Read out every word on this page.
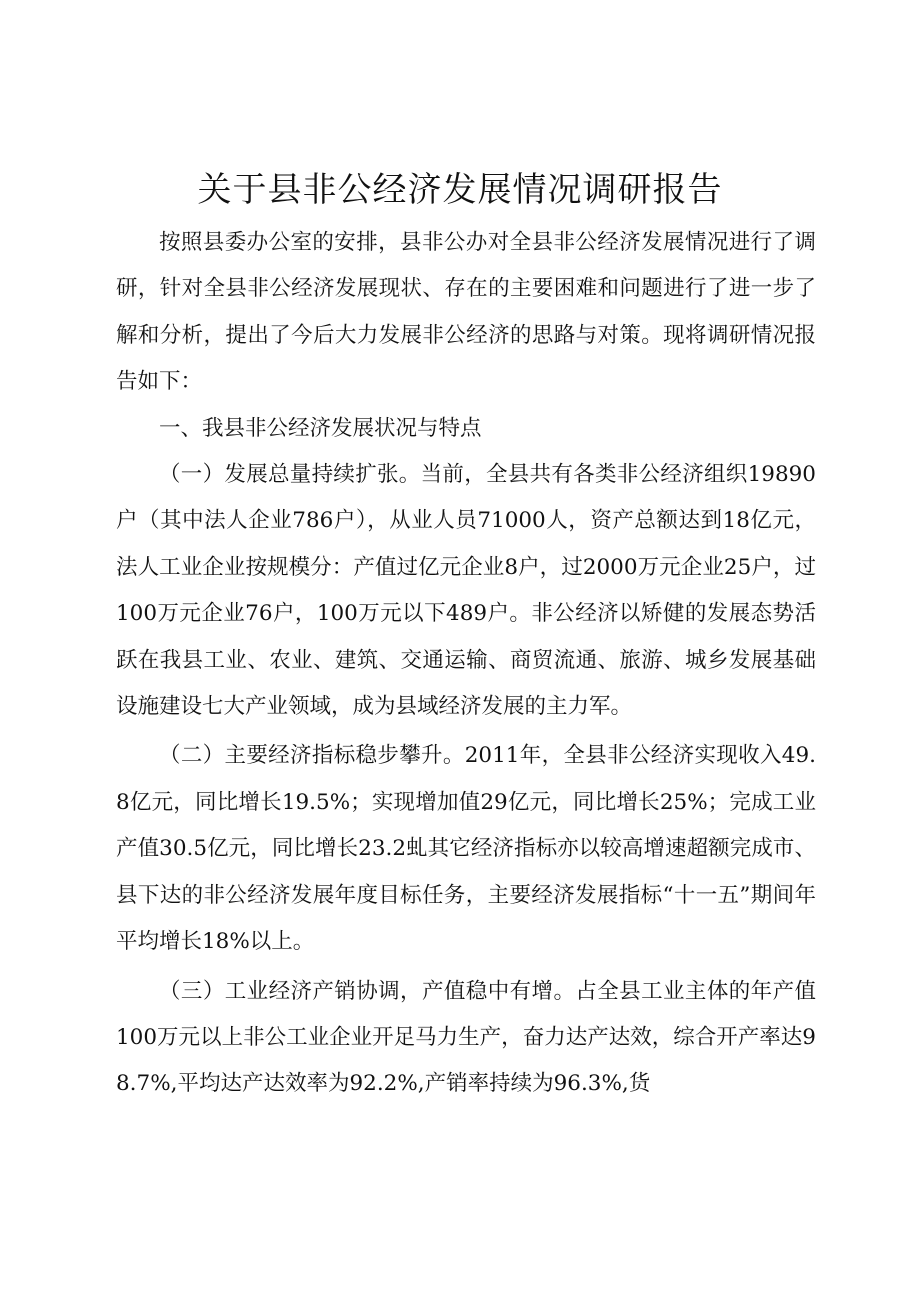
关于县非公经济发展情况调研报告

按照县委办公室的安排，县非公办对全县非公经济发展情况进行了调研，针对全县非公经济发展现状、存在的主要困难和问题进行了进一步了解和分析，提出了今后大力发展非公经济的思路与对策。现将调研情况报告如下：

一、我县非公经济发展状况与特点

（一）发展总量持续扩张。当前，全县共有各类非公经济组织19890户（其中法人企业786户），从业人员71000人，资产总额达到18亿元，法人工业企业按规模分：产值过亿元企业8户，过2000万元企业25户，过100万元企业76户，100万元以下489户。非公经济以矫健的发展态势活跃在我县工业、农业、建筑、交通运输、商贸流通、旅游、城乡发展基础设施建设七大产业领域，成为县域经济发展的主力军。

（二）主要经济指标稳步攀升。2011年，全县非公经济实现收入49.8亿元，同比增长19.5%；实现增加值29亿元，同比增长25%；完成工业产值30.5亿元，同比增长23.2虬其它经济指标亦以较高增速超额完成市、县下达的非公经济发展年度目标任务，主要经济发展指标“十一五”期间年平均增长18%以上。

（三）工业经济产销协调，产值稳中有增。占全县工业主体的年产值100万元以上非公工业企业开足马力生产，奋力达产达效，综合开产率达98.7%,平均达产达效率为92.2%,产销率持续为96.3%,货
